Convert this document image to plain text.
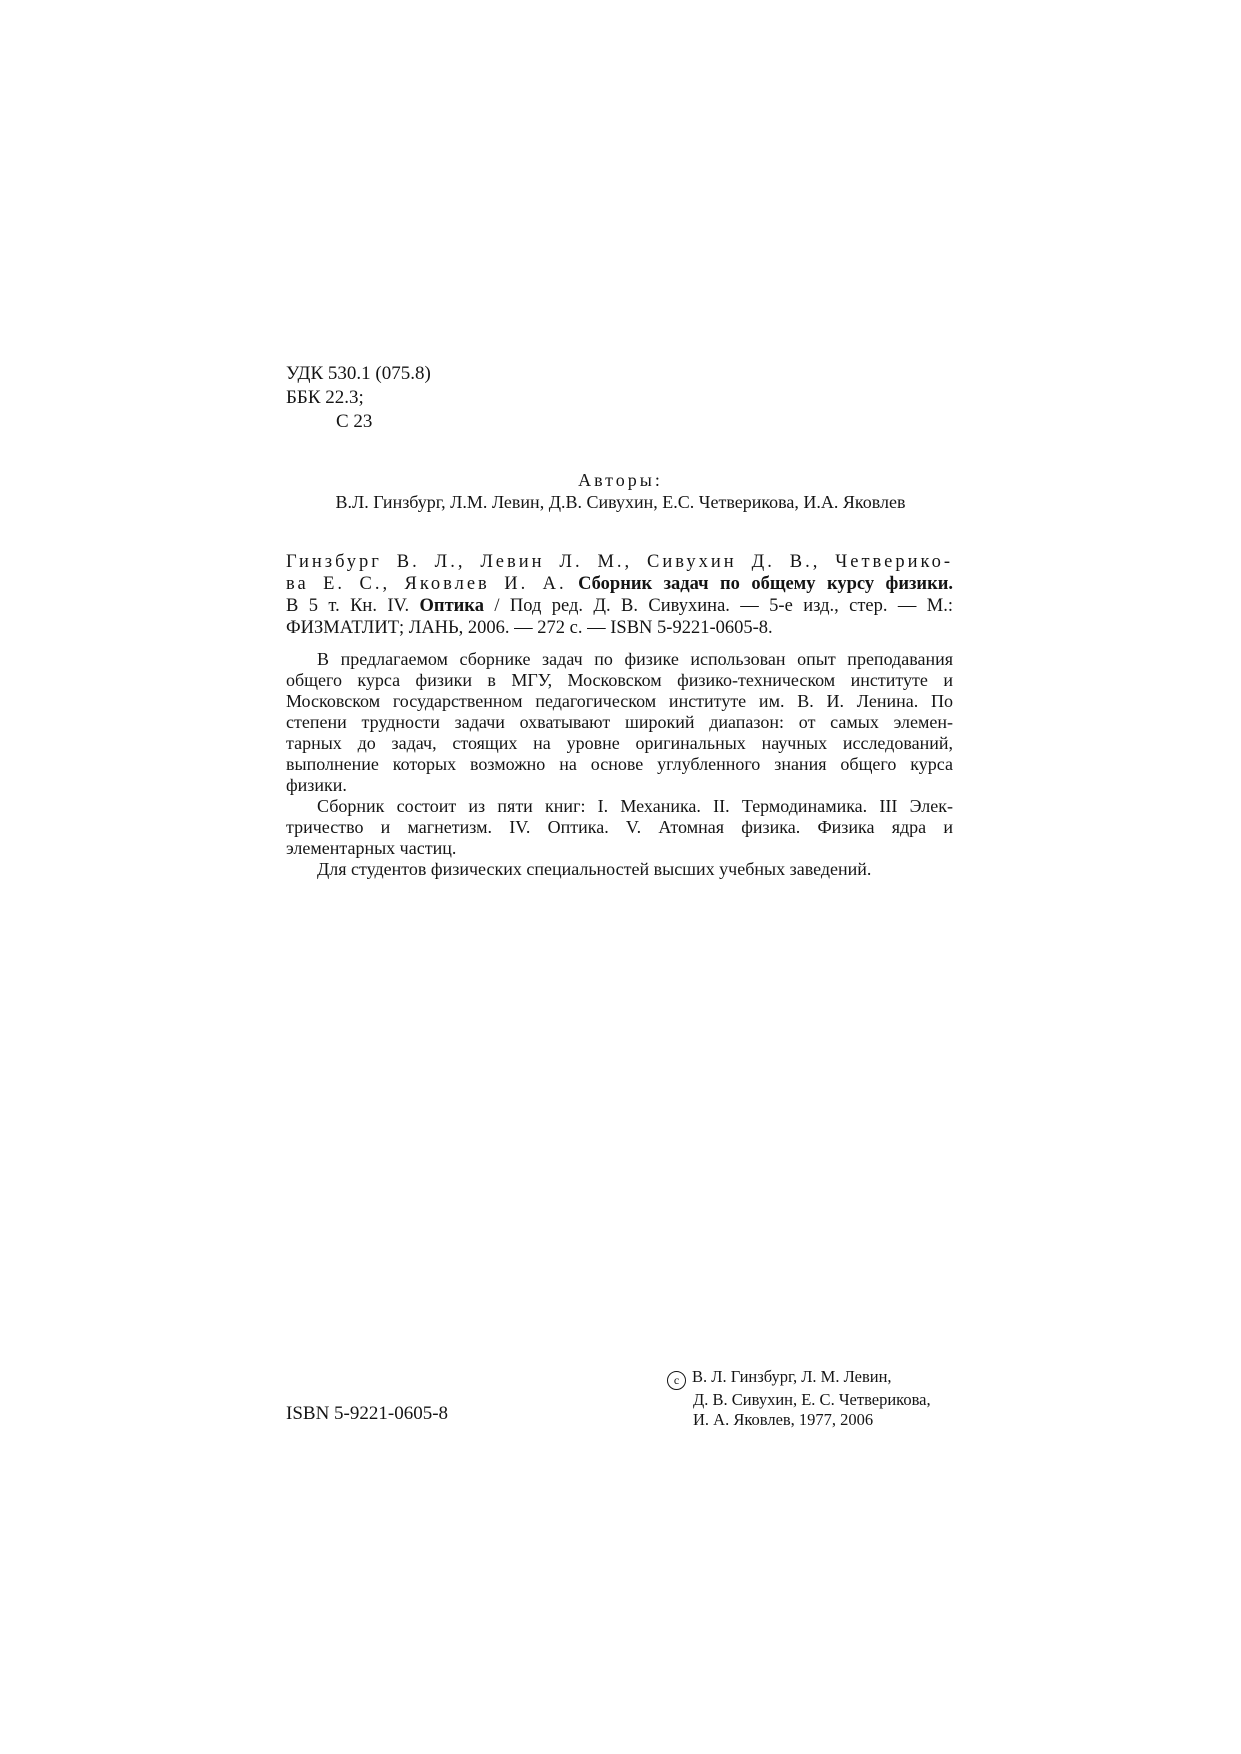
УДК 530.1 (075.8)
ББК 22.3;
С 23
Авторы:
В.Л. Гинзбург, Л.М. Левин, Д.В. Сивухин, Е.С. Четверикова, И.А. Яковлев
Гинзбург В. Л., Левин Л. М., Сивухин Д. В., Четверико-
ва Е. С., Яковлев И. А. Сборник задач по общему курсу физики.
В 5 т. Кн. IV. Оптика / Под ред. Д. В. Сивухина. — 5-е изд., стер. — М.:
ФИЗМАТЛИТ; ЛАНЬ, 2006. — 272 с. — ISBN 5-9221-0605-8.
В предлагаемом сборнике задач по физике использован опыт преподавания
общего курса физики в МГУ, Московском физико-техническом институте и
Московском государственном педагогическом институте им. В. И. Ленина. По
степени трудности задачи охватывают широкий диапазон: от самых элемен-
тарных до задач, стоящих на уровне оригинальных научных исследований,
выполнение которых возможно на основе углубленного знания общего курса
физики.
Сборник состоит из пяти книг: I. Механика. II. Термодинамика. III Элек-
тричество и магнетизм. IV. Оптика. V. Атомная физика. Физика ядра и
элементарных частиц.
Для студентов физических специальностей высших учебных заведений.
ISBN 5-9221-0605-8
c В. Л. Гинзбург, Л. М. Левин,
Д. В. Сивухин, Е. С. Четверикова,
И. А. Яковлев, 1977, 2006
